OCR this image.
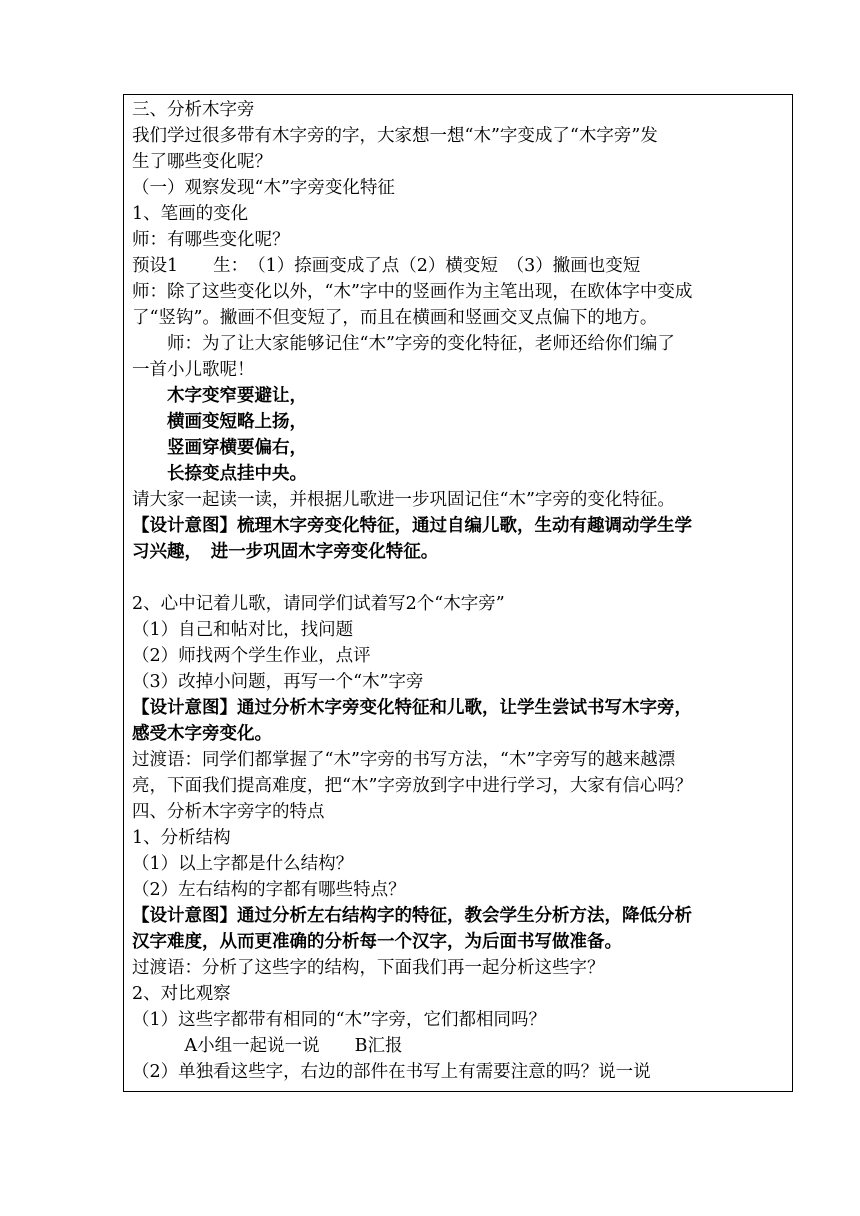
三、分析木字旁
我们学过很多带有木字旁的字，大家想一想“木”字变成了“木字旁”发
生了哪些变化呢？
（一）观察发现“木”字旁变化特征
1、笔画的变化
师：有哪些变化呢？
预设1　　生：　（1）捺画变成了点（2）横变短　（3）撇画也变短
师：除了这些变化以外，“木”字中的竖画作为主笔出现，在欧体字中变成
了“竖钩”。撇画不但变短了，而且在横画和竖画交叉点偏下的地方。
　　师：为了让大家能够记住“木”字旁的变化特征，老师还给你们编了
一首小儿歌呢！
　　木字变窄要避让，
　　横画变短略上扬，
　　竖画穿横要偏右，
　　长捺变点挂中央。
请大家一起读一读，并根据儿歌进一步巩固记住“木”字旁的变化特征。
【设计意图】梳理木字旁变化特征，通过自编儿歌，生动有趣调动学生学
习兴趣，　进一步巩固木字旁变化特征。
2、心中记着儿歌，请同学们试着写2个“木字旁”
（1）自己和帖对比，找问题
（2）师找两个学生作业，点评
（3）改掉小问题，再写一个“木”字旁
【设计意图】通过分析木字旁变化特征和儿歌，让学生尝试书写木字旁，
感受木字旁变化。
过渡语：同学们都掌握了“木”字旁的书写方法，“木”字旁写的越来越漂
亮，下面我们提高难度，把“木”字旁放到字中进行学习，大家有信心吗？
四、分析木字旁字的特点
1、分析结构
（1）以上字都是什么结构？
（2）左右结构的字都有哪些特点？
【设计意图】通过分析左右结构字的特征，教会学生分析方法，降低分析
汉字难度，从而更准确的分析每一个汉字，为后面书写做准备。
过渡语：分析了这些字的结构，下面我们再一起分析这些字？
2、对比观察
（1）这些字都带有相同的“木”字旁，它们都相同吗？
　　　A小组一起说一说　　B汇报
（2）单独看这些字，右边的部件在书写上有需要注意的吗？说一说
